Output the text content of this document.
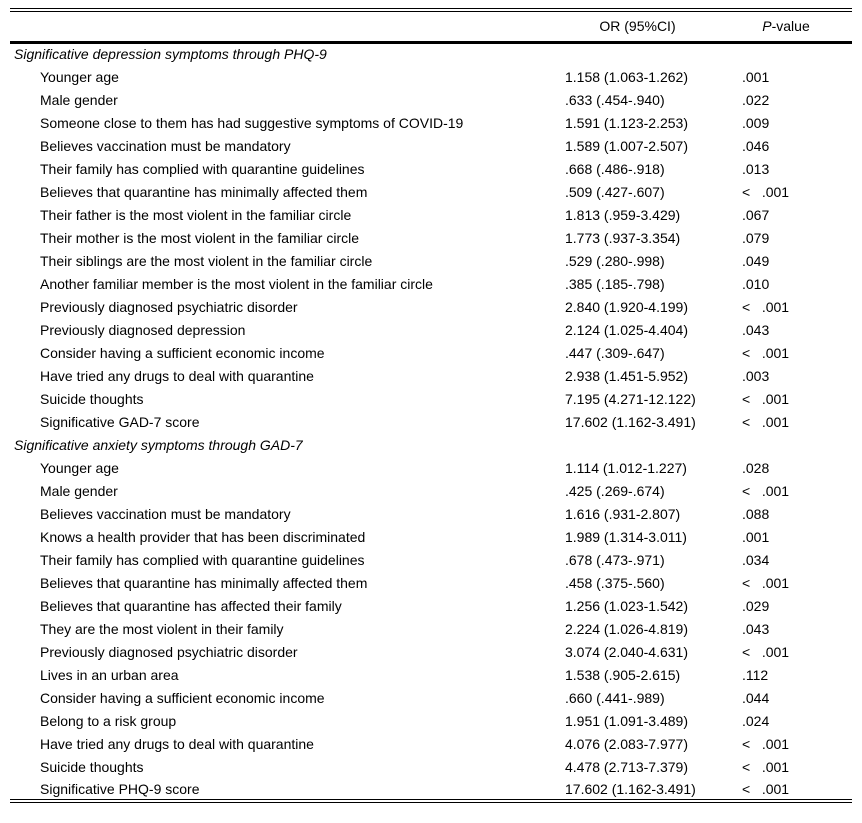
	OR (95%CI)	P-value
Significative depression symptoms through PHQ-9		
Younger age	1.158 (1.063-1.262)	.001
Male gender	.633 (.454-.940)	.022
Someone close to them has had suggestive symptoms of COVID-19	1.591 (1.123-2.253)	.009
Believes vaccination must be mandatory	1.589 (1.007-2.507)	.046
Their family has complied with quarantine guidelines	.668 (.486-.918)	.013
Believes that quarantine has minimally affected them	.509 (.427-.607)	<   .001
Their father is the most violent in the familiar circle	1.813 (.959-3.429)	.067
Their mother is the most violent in the familiar circle	1.773 (.937-3.354)	.079
Their siblings are the most violent in the familiar circle	.529 (.280-.998)	.049
Another familiar member is the most violent in the familiar circle	.385 (.185-.798)	.010
Previously diagnosed psychiatric disorder	2.840 (1.920-4.199)	<   .001
Previously diagnosed depression	2.124 (1.025-4.404)	.043
Consider having a sufficient economic income	.447 (.309-.647)	<   .001
Have tried any drugs to deal with quarantine	2.938 (1.451-5.952)	.003
Suicide thoughts	7.195 (4.271-12.122)	<   .001
Significative GAD-7 score	17.602 (1.162-3.491)	<   .001
Significative anxiety symptoms through GAD-7		
Younger age	1.114 (1.012-1.227)	.028
Male gender	.425 (.269-.674)	<   .001
Believes vaccination must be mandatory	1.616 (.931-2.807)	.088
Knows a health provider that has been discriminated	1.989 (1.314-3.011)	.001
Their family has complied with quarantine guidelines	.678 (.473-.971)	.034
Believes that quarantine has minimally affected them	.458 (.375-.560)	<   .001
Believes that quarantine has affected their family	1.256 (1.023-1.542)	.029
They are the most violent in their family	2.224 (1.026-4.819)	.043
Previously diagnosed psychiatric disorder	3.074 (2.040-4.631)	<   .001
Lives in an urban area	1.538 (.905-2.615)	.112
Consider having a sufficient economic income	.660 (.441-.989)	.044
Belong to a risk group	1.951 (1.091-3.489)	.024
Have tried any drugs to deal with quarantine	4.076 (2.083-7.977)	<   .001
Suicide thoughts	4.478 (2.713-7.379)	<   .001
Significative PHQ-9 score	17.602 (1.162-3.491)	<   .001
